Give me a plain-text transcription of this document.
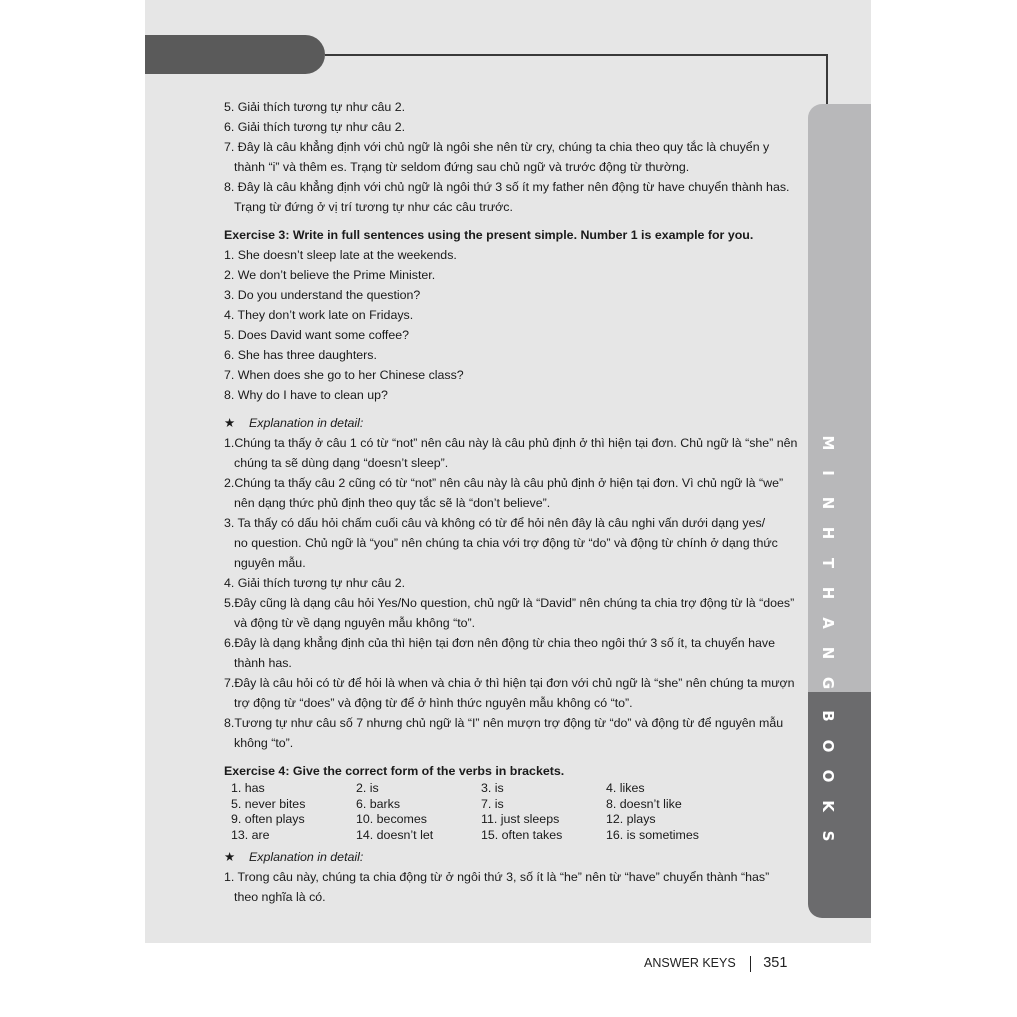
M
I
N
H
T
H
A
N
G
B
O
O
K
S
5. Giải thích tương tự như câu 2.
6. Giải thích tương tự như câu 2.
7. Đây là câu khẳng định với chủ ngữ là ngôi she nên từ cry, chúng ta chia theo quy tắc là chuyển y
thành “i” và thêm es. Trạng từ seldom đứng sau chủ ngữ và trước động từ thường.
8. Đây là câu khẳng định với chủ ngữ là ngôi thứ 3 số ít my father nên động từ have chuyển thành has.
Trạng từ đứng ở vị trí tương tự như các câu trước.
Exercise 3: Write in full sentences using the present simple. Number 1 is example for you.
1. She doesn’t sleep late at the weekends.
2. We don’t believe the Prime Minister.
3. Do you understand the question?
4. They don’t work late on Fridays.
5. Does David want some coffee?
6. She has three daughters.
7. When does she go to her Chinese class?
8. Why do I have to clean up?
★ Explanation in detail:
1.Chúng ta thấy ở câu 1 có từ “not” nên câu này là câu phủ định ở thì hiện tại đơn. Chủ ngữ là “she” nên
chúng ta sẽ dùng dạng “doesn’t sleep”.
2.Chúng ta thấy câu 2 cũng có từ “not” nên câu này là câu phủ định ở hiện tại đơn. Vì chủ ngữ là “we”
nên dạng thức phủ định theo quy tắc sẽ là “don’t believe”.
3. Ta thấy có dấu hỏi chấm cuối câu và không có từ để hỏi nên đây là câu nghi vấn dưới dạng yes/
no question. Chủ ngữ là “you” nên chúng ta chia với trợ động từ “do” và động từ chính ở dạng thức
nguyên mẫu.
4. Giải thích tương tự như câu 2.
5.Đây cũng là dạng câu hỏi Yes/No question, chủ ngữ là “David” nên chúng ta chia trợ động từ là “does”
và động từ về dạng nguyên mẫu không “to”.
6.Đây là dạng khẳng định của thì hiện tại đơn nên động từ chia theo ngôi thứ 3 số ít, ta chuyển have
thành has.
7.Đây là câu hỏi có từ để hỏi là when và chia ở thì hiện tại đơn với chủ ngữ là “she” nên chúng ta mượn
trợ động từ “does” và động từ để ở hình thức nguyên mẫu không có “to”.
8.Tương tự như câu số 7 nhưng chủ ngữ là “I” nên mượn trợ động từ “do” và động từ để nguyên mẫu
không “to”.
Exercise 4: Give the correct form of the verbs in brackets.
1. has	2. is	3. is	4. likes
5. never bites	6. barks	7. is	8. doesn’t like
9. often plays	10. becomes	11. just sleeps	12. plays
13. are	14. doesn’t let	15. often takes	16. is sometimes
★ Explanation in detail:
1. Trong câu này, chúng ta chia động từ ở ngôi thứ 3, số ít là “he” nên từ “have” chuyển thành “has”
theo nghĩa là có.
ANSWER KEYS 351
